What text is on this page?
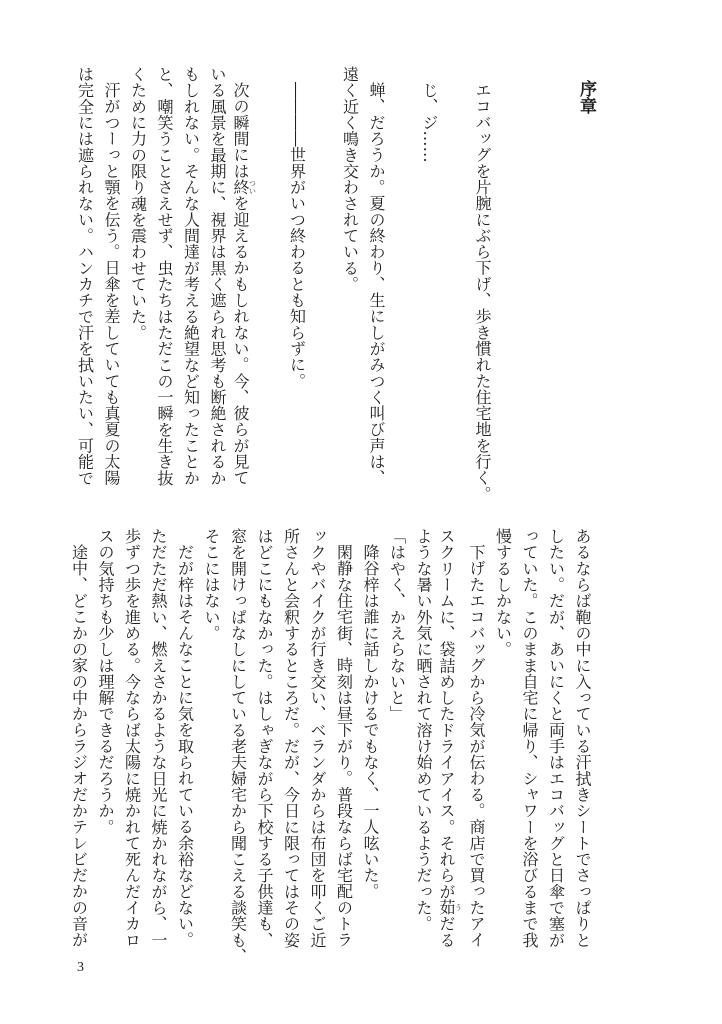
序章
エコバッグを片腕にぶら下げ、歩き慣れた住宅地を行く。
じ、ジ……
蝉、だろうか。夏の終わり、生にしがみつく叫び声は、
遠く近く鳴き交わされている。
――――世界がいつ終わるとも知らずに。
次の瞬間には終ついを迎えるかもしれない。今、彼らが見て
いる風景を最期に、視界は黒く遮られ思考も断絶されるか
もしれない。そんな人間達が考える絶望など知ったことか
と、嘲笑うことさえせず、虫たちはただこの一瞬を生き抜
くために力の限り魂を震わせていた。
汗がつーっと顎を伝う。日傘を差していても真夏の太陽
は完全には遮られない。ハンカチで汗を拭いたい、可能で
あるならば鞄の中に入っている汗拭きシートでさっぱりと
したい。だが、あいにくと両手はエコバッグと日傘で塞が
っていた。このまま自宅に帰り、シャワーを浴びるまで我
慢するしかない。
下げたエコバッグから冷気が伝わる。商店で買ったアイ
スクリームに、袋詰めしたドライアイス。それらが茹うだる
ような暑い外気に晒されて溶け始めているようだった。
「はやく、かえらないと」
降谷梓は誰に話しかけるでもなく、一人呟いた。
閑静な住宅街、時刻は昼下がり。普段ならば宅配のトラ
ックやバイクが行き交い、ベランダからは布団を叩くご近
所さんと会釈するところだ。だが、今日に限ってはその姿
はどこにもなかった。はしゃぎながら下校する子供達も、
窓を開けっぱなしにしている老夫婦宅から聞こえる談笑も、
そこにはない。
だが梓はそんなことに気を取られている余裕などない。
ただただ熱い、燃えさかるような日光に焼かれながら、一
歩ずつ歩を進める。今ならば太陽に焼かれて死んだイカロ
スの気持ちも少しは理解できるだろうか。
途中、どこかの家の中からラジオだかテレビだかの音が
3
